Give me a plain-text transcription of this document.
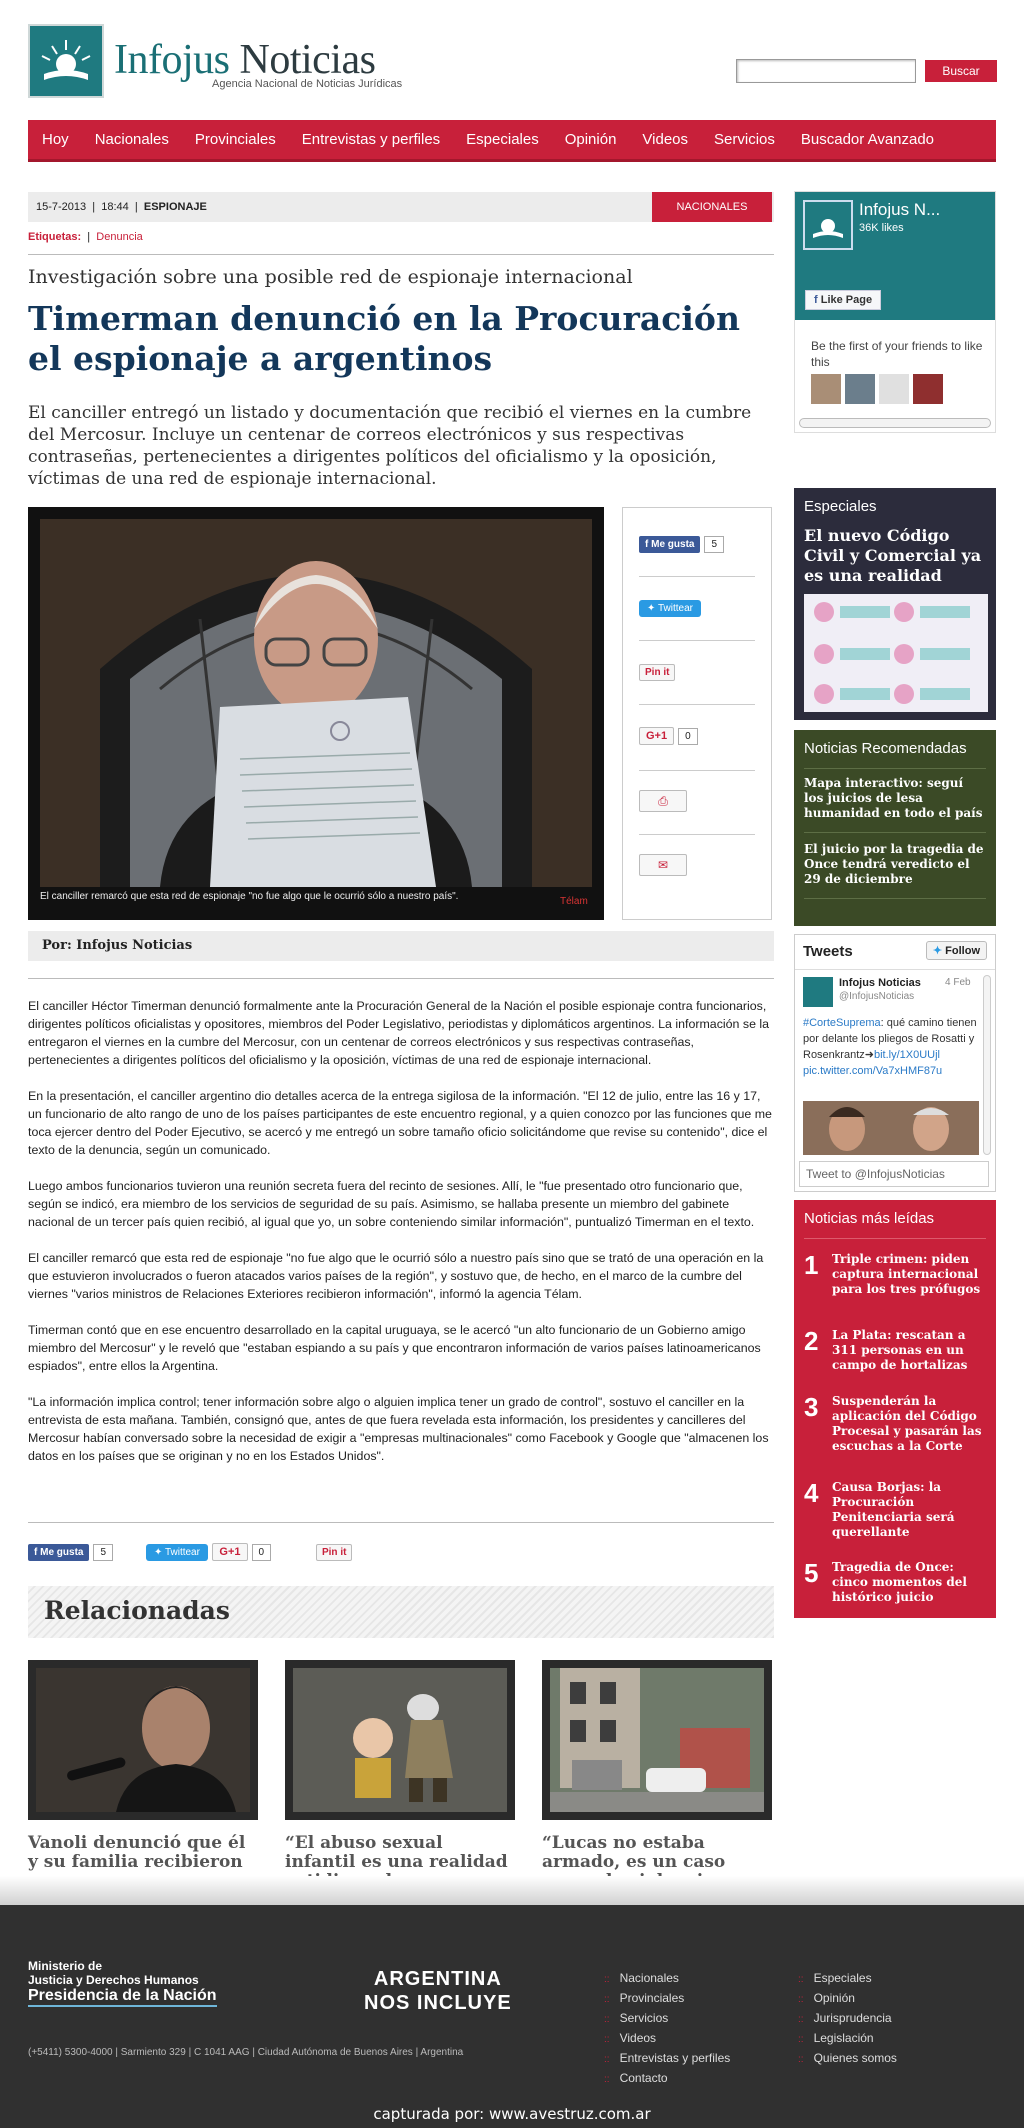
Infojus Noticias
Agencia Nacional de Noticias Jurídicas
Buscar
Hoy Nacionales Provinciales Entrevistas y perfiles Especiales Opinión Videos Servicios Buscador Avanzado
15-7-2013  |  18:44  |  ESPIONAJE	NACIONALES
Etiquetas:  |  Denuncia
Investigación sobre una posible red de espionaje internacional
Timerman denunció en la Procuración el espionaje a argentinos
El canciller entregó un listado y documentación que recibió el viernes en la cumbre del Mercosur. Incluye un centenar de correos electrónicos y sus respectivas contraseñas, pertenecientes a dirigentes políticos del oficialismo y la oposición, víctimas de una red de espionaje internacional.
El canciller remarcó que esta red de espionaje "no fue algo que le ocurrió sólo a nuestro país".	Télam
f Me gusta 5
✦ Twittear
Pin it
G+1 0
⎙
✉
Por: Infojus Noticias

El canciller Héctor Timerman denunció formalmente ante la Procuración General de la Nación el posible espionaje contra funcionarios, dirigentes políticos oficialistas y opositores, miembros del Poder Legislativo, periodistas y diplomáticos argentinos. La información se la entregaron el viernes en la cumbre del Mercosur, con un centenar de correos electrónicos y sus respectivas contraseñas, pertenecientes a dirigentes políticos del oficialismo y la oposición, víctimas de una red de espionaje internacional.

En la presentación, el canciller argentino dio detalles acerca de la entrega sigilosa de la información. "El 12 de julio, entre las 16 y 17, un funcionario de alto rango de uno de los países participantes de este encuentro regional, y a quien conozco por las funciones que me toca ejercer dentro del Poder Ejecutivo, se acercó y me entregó un sobre tamaño oficio solicitándome que revise su contenido", dice el texto de la denuncia, según un comunicado.

Luego ambos funcionarios tuvieron una reunión secreta fuera del recinto de sesiones. Allí, le "fue presentado otro funcionario que, según se indicó, era miembro de los servicios de seguridad de su país. Asimismo, se hallaba presente un miembro del gabinete nacional de un tercer país quien recibió, al igual que yo, un sobre conteniendo similar información", puntualizó Timerman en el texto.

El canciller remarcó que esta red de espionaje "no fue algo que le ocurrió sólo a nuestro país sino que se trató de una operación en la que estuvieron involucrados o fueron atacados varios países de la región", y sostuvo que, de hecho, en el marco de la cumbre del viernes "varios ministros de Relaciones Exteriores recibieron información", informó la agencia Télam.

Timerman contó que en ese encuentro desarrollado en la capital uruguaya, se le acercó "un alto funcionario de un Gobierno amigo miembro del Mercosur" y le reveló que "estaban espiando a su país y que encontraron información de varios países latinoamericanos espiados", entre ellos la Argentina.

"La información implica control; tener información sobre algo o alguien implica tener un grado de control", sostuvo el canciller en la entrevista de esta mañana. También, consignó que, antes de que fuera revelada esta información, los presidentes y cancilleres del Mercosur habían conversado sobre la necesidad de exigir a "empresas multinacionales" como Facebook y Google que "almacenen los datos en los países que se originan y no en los Estados Unidos".

f Me gusta 5	✦ Twittear G+1 0	Pin it
Relacionadas
Vanoli denunció que él y su familia recibieron
“El abuso sexual infantil es una realidad
“Lucas no estaba armado, es un caso
Infojus N...
36K likes
f Like Page
Be the first of your friends to like this
Especiales
El nuevo Código Civil y Comercial ya es una realidad
Noticias Recomendadas
Mapa interactivo: seguí los juicios de lesa humanidad en todo el país
El juicio por la tragedia de Once tendrá veredicto el 29 de diciembre
Tweets	✦ Follow
Infojus Noticias
@InfojusNoticias
4 Feb
#CorteSuprema: qué camino tienen por delante los pliegos de Rosatti y Rosenkrantz➜bit.ly/1X0UUjl
pic.twitter.com/Va7xHMF87u
Tweet to @InfojusNoticias
Noticias más leídas
1 Triple crimen: piden captura internacional para los tres prófugos
2 La Plata: rescatan a 311 personas en un campo de hortalizas
3 Suspenderán la aplicación del Código Procesal y pasarán las escuchas a la Corte
4 Causa Borjas: la Procuración Penitenciaria será querellante
5 Tragedia de Once: cinco momentos del histórico juicio
Ministerio de
Justicia y Derechos Humanos
Presidencia de la Nación
ARGENTINA
NOS INCLUYE
(+5411) 5300-4000 | Sarmiento 329 | C 1041 AAG | Ciudad Autónoma de Buenos Aires | Argentina
:: Nacionales
:: Provinciales
:: Servicios
:: Videos
:: Entrevistas y perfiles
:: Contacto
:: Especiales
:: Opinión
:: Jurisprudencia
:: Legislación
:: Quienes somos
capturada por: www.avestruz.com.ar
